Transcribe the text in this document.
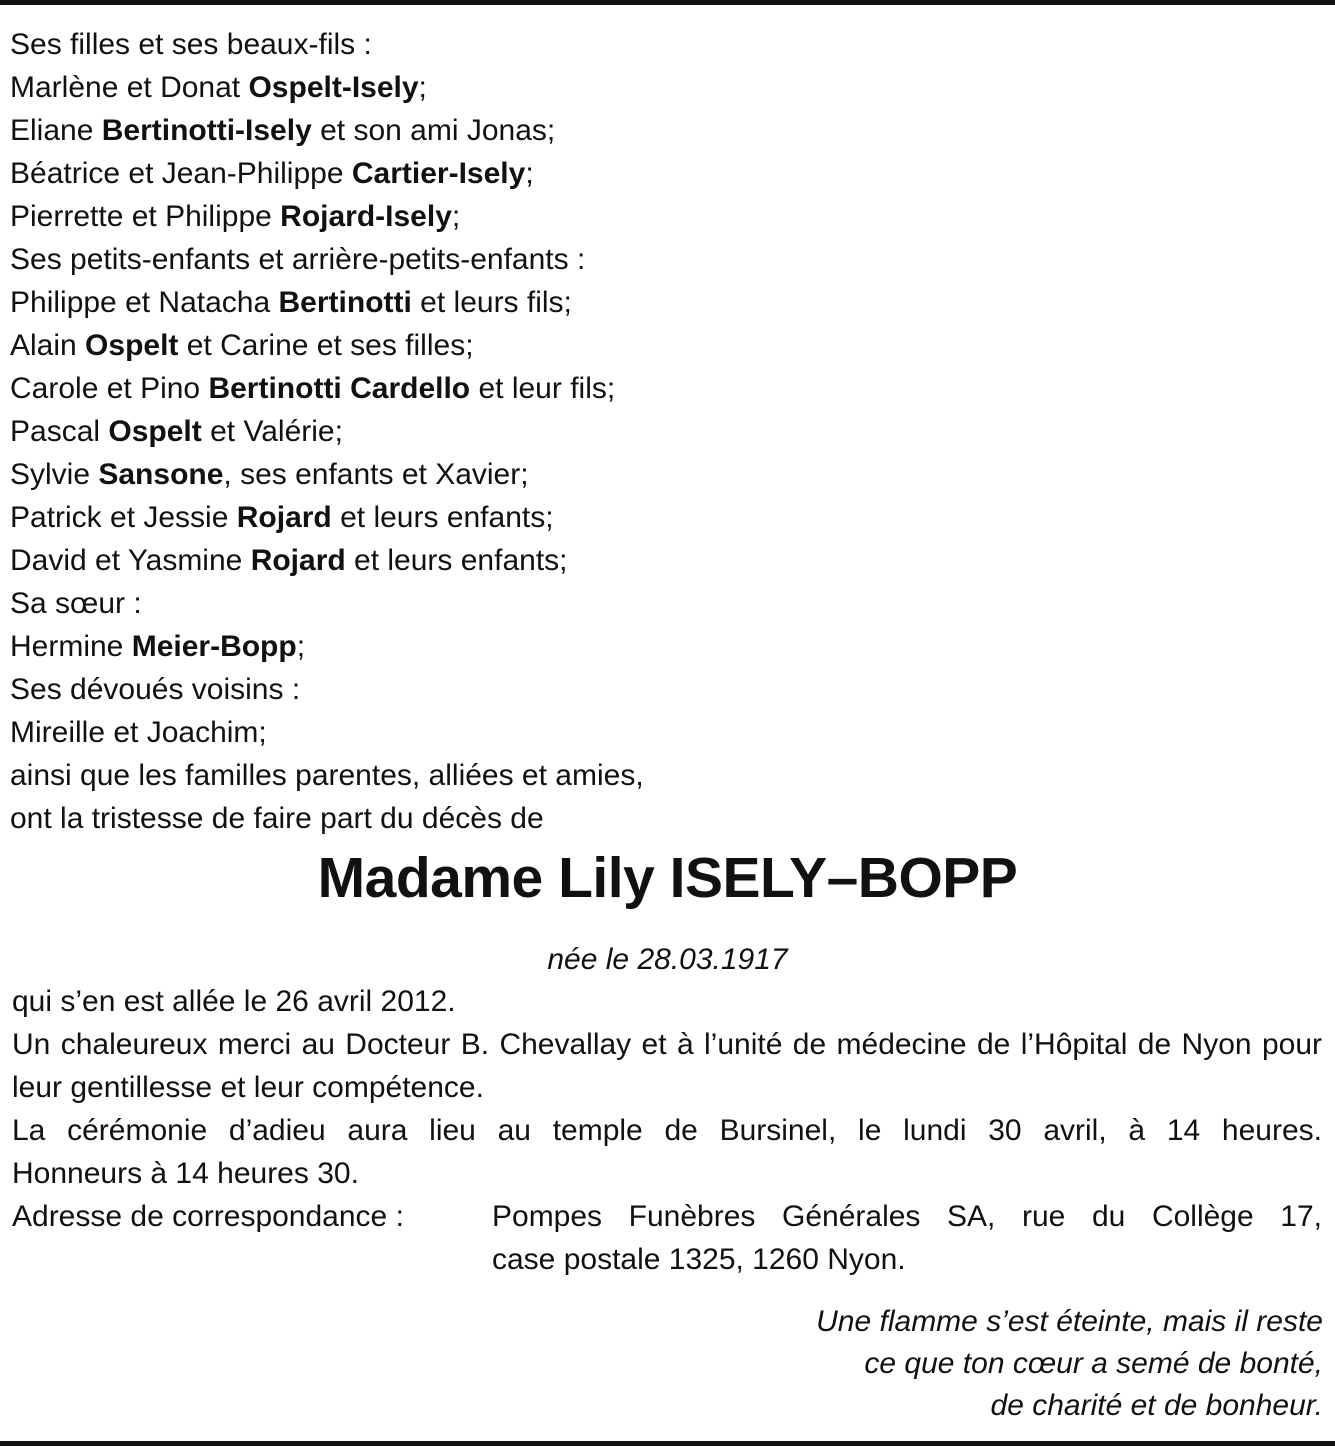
Ses filles et ses beaux-fils :
Marlène et Donat Ospelt-Isely;
Eliane Bertinotti-Isely et son ami Jonas;
Béatrice et Jean-Philippe Cartier-Isely;
Pierrette et Philippe Rojard-Isely;
Ses petits-enfants et arrière-petits-enfants :
Philippe et Natacha Bertinotti et leurs fils;
Alain Ospelt et Carine et ses filles;
Carole et Pino Bertinotti Cardello et leur fils;
Pascal Ospelt et Valérie;
Sylvie Sansone, ses enfants et Xavier;
Patrick et Jessie Rojard et leurs enfants;
David et Yasmine Rojard et leurs enfants;
Sa sœur :
Hermine Meier-Bopp;
Ses dévoués voisins :
Mireille et Joachim;
ainsi que les familles parentes, alliées et amies,
ont la tristesse de faire part du décès de
Madame Lily ISELY–BOPP
née le 28.03.1917
qui s’en est allée le 26 avril 2012.
Un chaleureux merci au Docteur B. Chevallay et à l’unité de médecine de l’Hôpital de Nyon pour leur gentillesse et leur compétence.
La cérémonie d’adieu aura lieu au temple de Bursinel, le lundi 30 avril, à 14 heures.
Honneurs à 14 heures 30.
Adresse de correspondance :	Pompes Funèbres Générales SA, rue du Collège 17,
case postale 1325, 1260 Nyon.
Une flamme s’est éteinte, mais il reste
ce que ton cœur a semé de bonté,
de charité et de bonheur.
